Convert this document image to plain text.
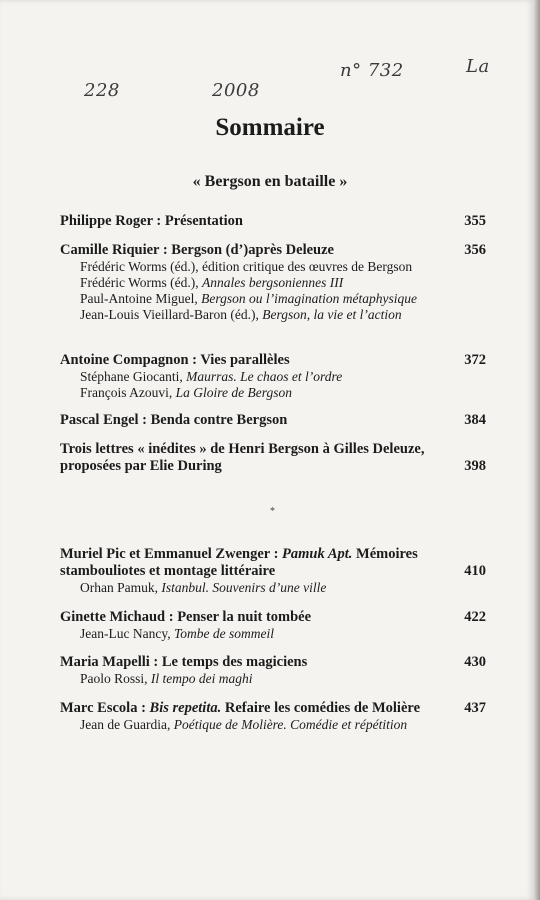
228	2008
n° 732	La
Sommaire
« Bergson en bataille »
Philippe Roger : Présentation	355
Camille Riquier : Bergson (d’)après Deleuze	356
Frédéric Worms (éd.), édition critique des œuvres de Bergson
Frédéric Worms (éd.), Annales bergsoniennes III
Paul-Antoine Miguel, Bergson ou l’imagination métaphysique
Jean-Louis Vieillard-Baron (éd.), Bergson, la vie et l’action
Antoine Compagnon : Vies parallèles	372
Stéphane Giocanti, Maurras. Le chaos et l’ordre
François Azouvi, La Gloire de Bergson
Pascal Engel : Benda contre Bergson	384
Trois lettres « inédites » de Henri Bergson à Gilles Deleuze, proposées par Elie During	398
Muriel Pic et Emmanuel Zwenger : Pamuk Apt. Mémoires stambouliotes et montage littéraire	410
Orhan Pamuk, Istanbul. Souvenirs d’une ville
Ginette Michaud : Penser la nuit tombée	422
Jean-Luc Nancy, Tombe de sommeil
Maria Mapelli : Le temps des magiciens	430
Paolo Rossi, Il tempo dei maghi
Marc Escola : Bis repetita. Refaire les comédies de Molière	437
Jean de Guardia, Poétique de Molière. Comédie et répétition
*
